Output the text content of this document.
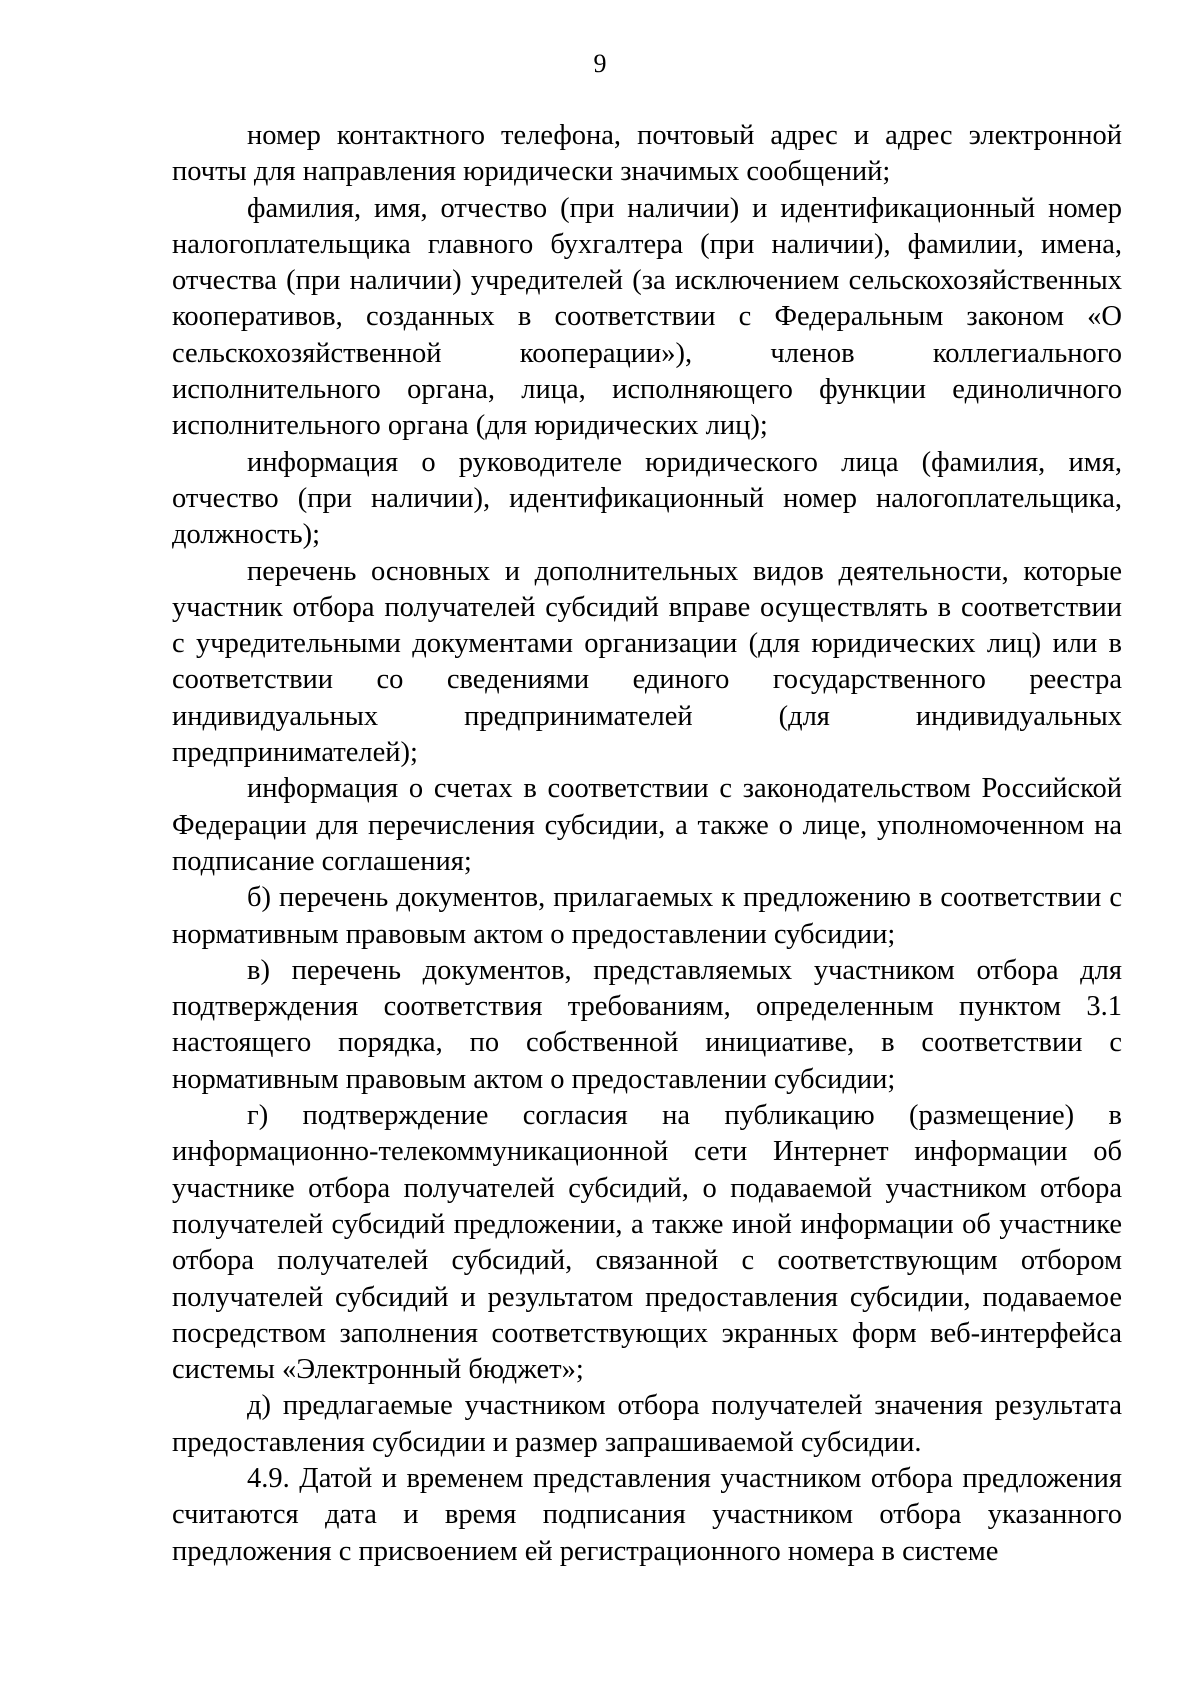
9

номер контактного телефона, почтовый адрес и адрес электронной почты для направления юридически значимых сообщений;

фамилия, имя, отчество (при наличии) и идентификационный номер налогоплательщика главного бухгалтера (при наличии), фамилии, имена, отчества (при наличии) учредителей (за исключением сельскохозяйственных кооперативов, созданных в соответствии с Федеральным законом «О сельскохозяйственной кооперации»), членов коллегиального исполнительного органа, лица, исполняющего функции единоличного исполнительного органа (для юридических лиц);

информация о руководителе юридического лица (фамилия, имя, отчество (при наличии), идентификационный номер налогоплательщика, должность);

перечень основных и дополнительных видов деятельности, которые участник отбора получателей субсидий вправе осуществлять в соответствии с учредительными документами организации (для юридических лиц) или в соответствии со сведениями единого государственного реестра индивидуальных предпринимателей (для индивидуальных предпринимателей);

информация о счетах в соответствии с законодательством Российской Федерации для перечисления субсидии, а также о лице, уполномоченном на подписание соглашения;

б) перечень документов, прилагаемых к предложению в соответствии с нормативным правовым актом о предоставлении субсидии;

в) перечень документов, представляемых участником отбора для подтверждения соответствия требованиям, определенным пунктом 3.1 настоящего порядка, по собственной инициативе, в соответствии с нормативным правовым актом о предоставлении субсидии;

г) подтверждение согласия на публикацию (размещение) в информационно-телекоммуникационной сети Интернет информации об участнике отбора получателей субсидий, о подаваемой участником отбора получателей субсидий предложении, а также иной информации об участнике отбора получателей субсидий, связанной с соответствующим отбором получателей субсидий и результатом предоставления субсидии, подаваемое посредством заполнения соответствующих экранных форм веб-интерфейса системы «Электронный бюджет»;

д) предлагаемые участником отбора получателей значения результата предоставления субсидии и размер запрашиваемой субсидии.

4.9. Датой и временем представления участником отбора предложения считаются дата и время подписания участником отбора указанного предложения с присвоением ей регистрационного номера в системе
